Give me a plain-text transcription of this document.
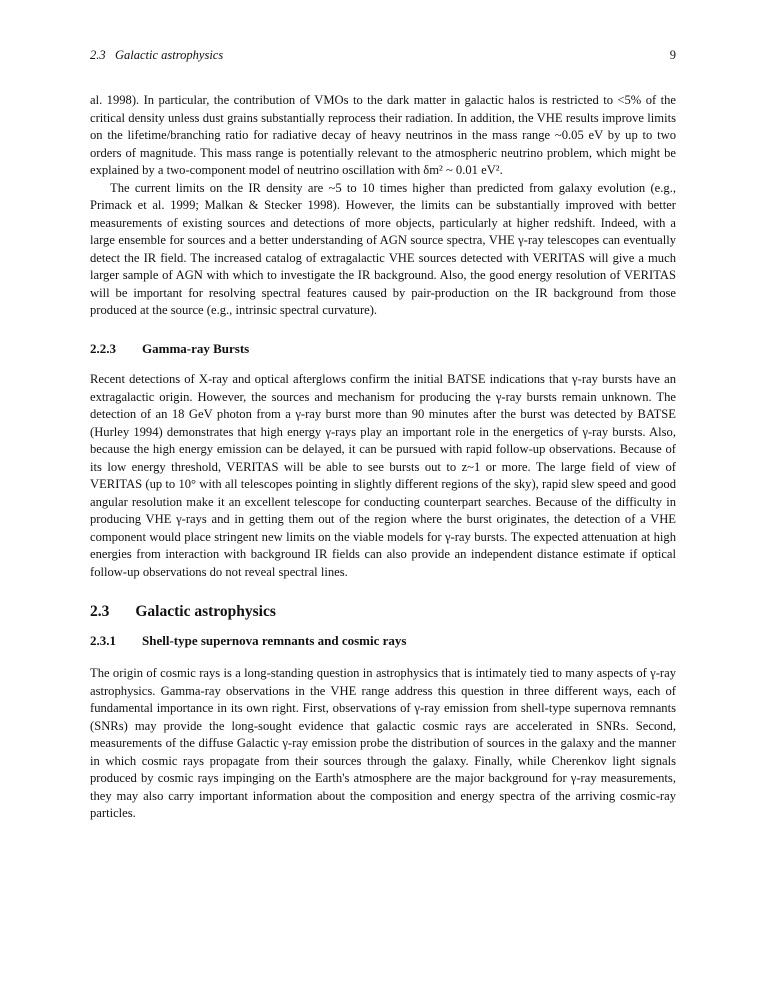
2.3   Galactic astrophysics	9

al. 1998). In particular, the contribution of VMOs to the dark matter in galactic halos is restricted to <5% of the critical density unless dust grains substantially reprocess their radiation. In addition, the VHE results improve limits on the lifetime/branching ratio for radiative decay of heavy neutrinos in the mass range ~0.05 eV by up to two orders of magnitude. This mass range is potentially relevant to the atmospheric neutrino problem, which might be explained by a two-component model of neutrino oscillation with δm² ~ 0.01 eV².

The current limits on the IR density are ~5 to 10 times higher than predicted from galaxy evolution (e.g., Primack et al. 1999; Malkan & Stecker 1998). However, the limits can be substantially improved with better measurements of existing sources and detections of more objects, particularly at higher redshift. Indeed, with a large ensemble for sources and a better understanding of AGN source spectra, VHE γ-ray telescopes can eventually detect the IR field. The increased catalog of extragalactic VHE sources detected with VERITAS will give a much larger sample of AGN with which to investigate the IR background. Also, the good energy resolution of VERITAS will be important for resolving spectral features caused by pair-production on the IR background from those produced at the source (e.g., intrinsic spectral curvature).

2.2.3 Gamma-ray Bursts

Recent detections of X-ray and optical afterglows confirm the initial BATSE indications that γ-ray bursts have an extragalactic origin. However, the sources and mechanism for producing the γ-ray bursts remain unknown. The detection of an 18 GeV photon from a γ-ray burst more than 90 minutes after the burst was detected by BATSE (Hurley 1994) demonstrates that high energy γ-rays play an important role in the energetics of γ-ray bursts. Also, because the high energy emission can be delayed, it can be pursued with rapid follow-up observations. Because of its low energy threshold, VERITAS will be able to see bursts out to z~1 or more. The large field of view of VERITAS (up to 10° with all telescopes pointing in slightly different regions of the sky), rapid slew speed and good angular resolution make it an excellent telescope for conducting counterpart searches. Because of the difficulty in producing VHE γ-rays and in getting them out of the region where the burst originates, the detection of a VHE component would place stringent new limits on the viable models for γ-ray bursts. The expected attenuation at high energies from interaction with background IR fields can also provide an independent distance estimate if optical follow-up observations do not reveal spectral lines.

2.3 Galactic astrophysics
2.3.1 Shell-type supernova remnants and cosmic rays

The origin of cosmic rays is a long-standing question in astrophysics that is intimately tied to many aspects of γ-ray astrophysics. Gamma-ray observations in the VHE range address this question in three different ways, each of fundamental importance in its own right. First, observations of γ-ray emission from shell-type supernova remnants (SNRs) may provide the long-sought evidence that galactic cosmic rays are accelerated in SNRs. Second, measurements of the diffuse Galactic γ-ray emission probe the distribution of sources in the galaxy and the manner in which cosmic rays propagate from their sources through the galaxy. Finally, while Cherenkov light signals produced by cosmic rays impinging on the Earth's atmosphere are the major background for γ-ray measurements, they may also carry important information about the composition and energy spectra of the arriving cosmic-ray particles.
